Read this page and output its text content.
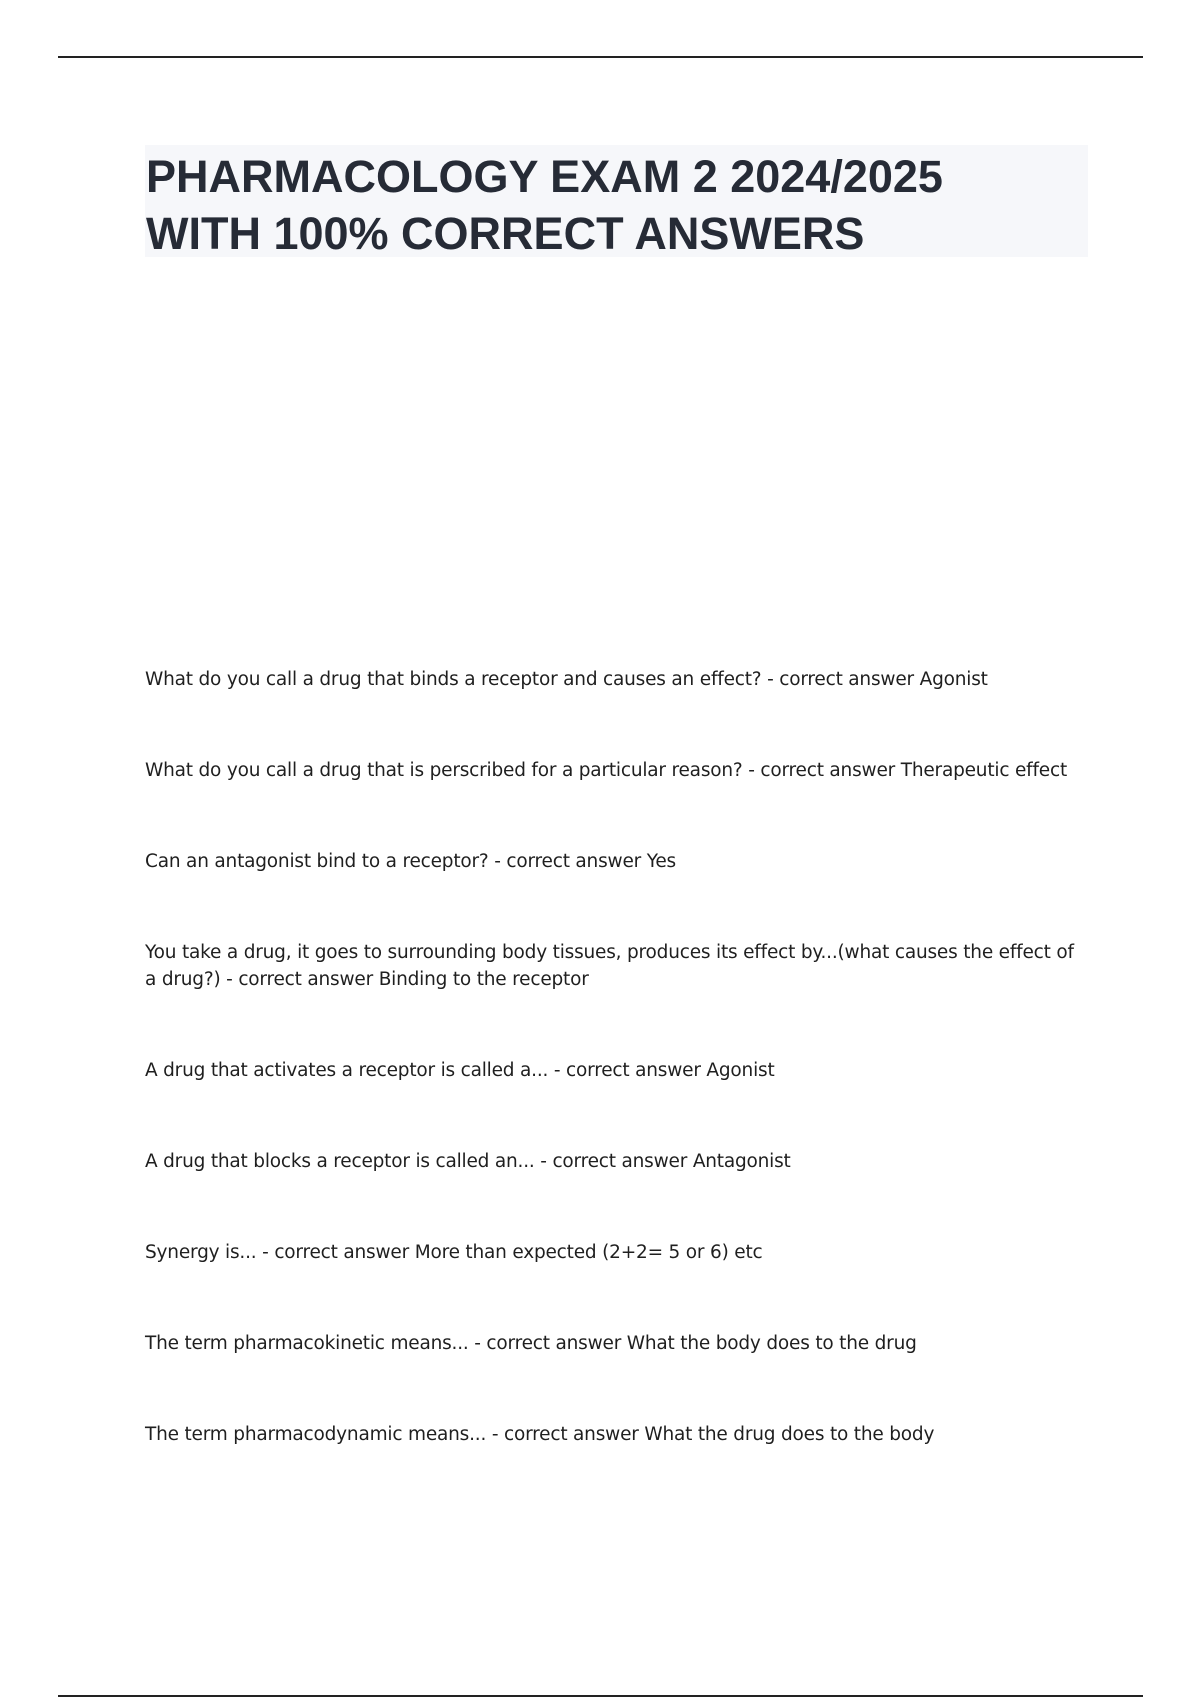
PHARMACOLOGY EXAM 2 2024/2025
WITH 100% CORRECT ANSWERS

What do you call a drug that binds a receptor and causes an effect? - correct answer Agonist

What do you call a drug that is perscribed for a particular reason? - correct answer Therapeutic effect

Can an antagonist bind to a receptor? - correct answer Yes

You take a drug, it goes to surrounding body tissues, produces its effect by...(what causes the effect of a drug?) - correct answer Binding to the receptor

A drug that activates a receptor is called a... - correct answer Agonist

A drug that blocks a receptor is called an... - correct answer Antagonist

Synergy is... - correct answer More than expected (2+2= 5 or 6) etc

The term pharmacokinetic means... - correct answer What the body does to the drug

The term pharmacodynamic means... - correct answer What the drug does to the body
